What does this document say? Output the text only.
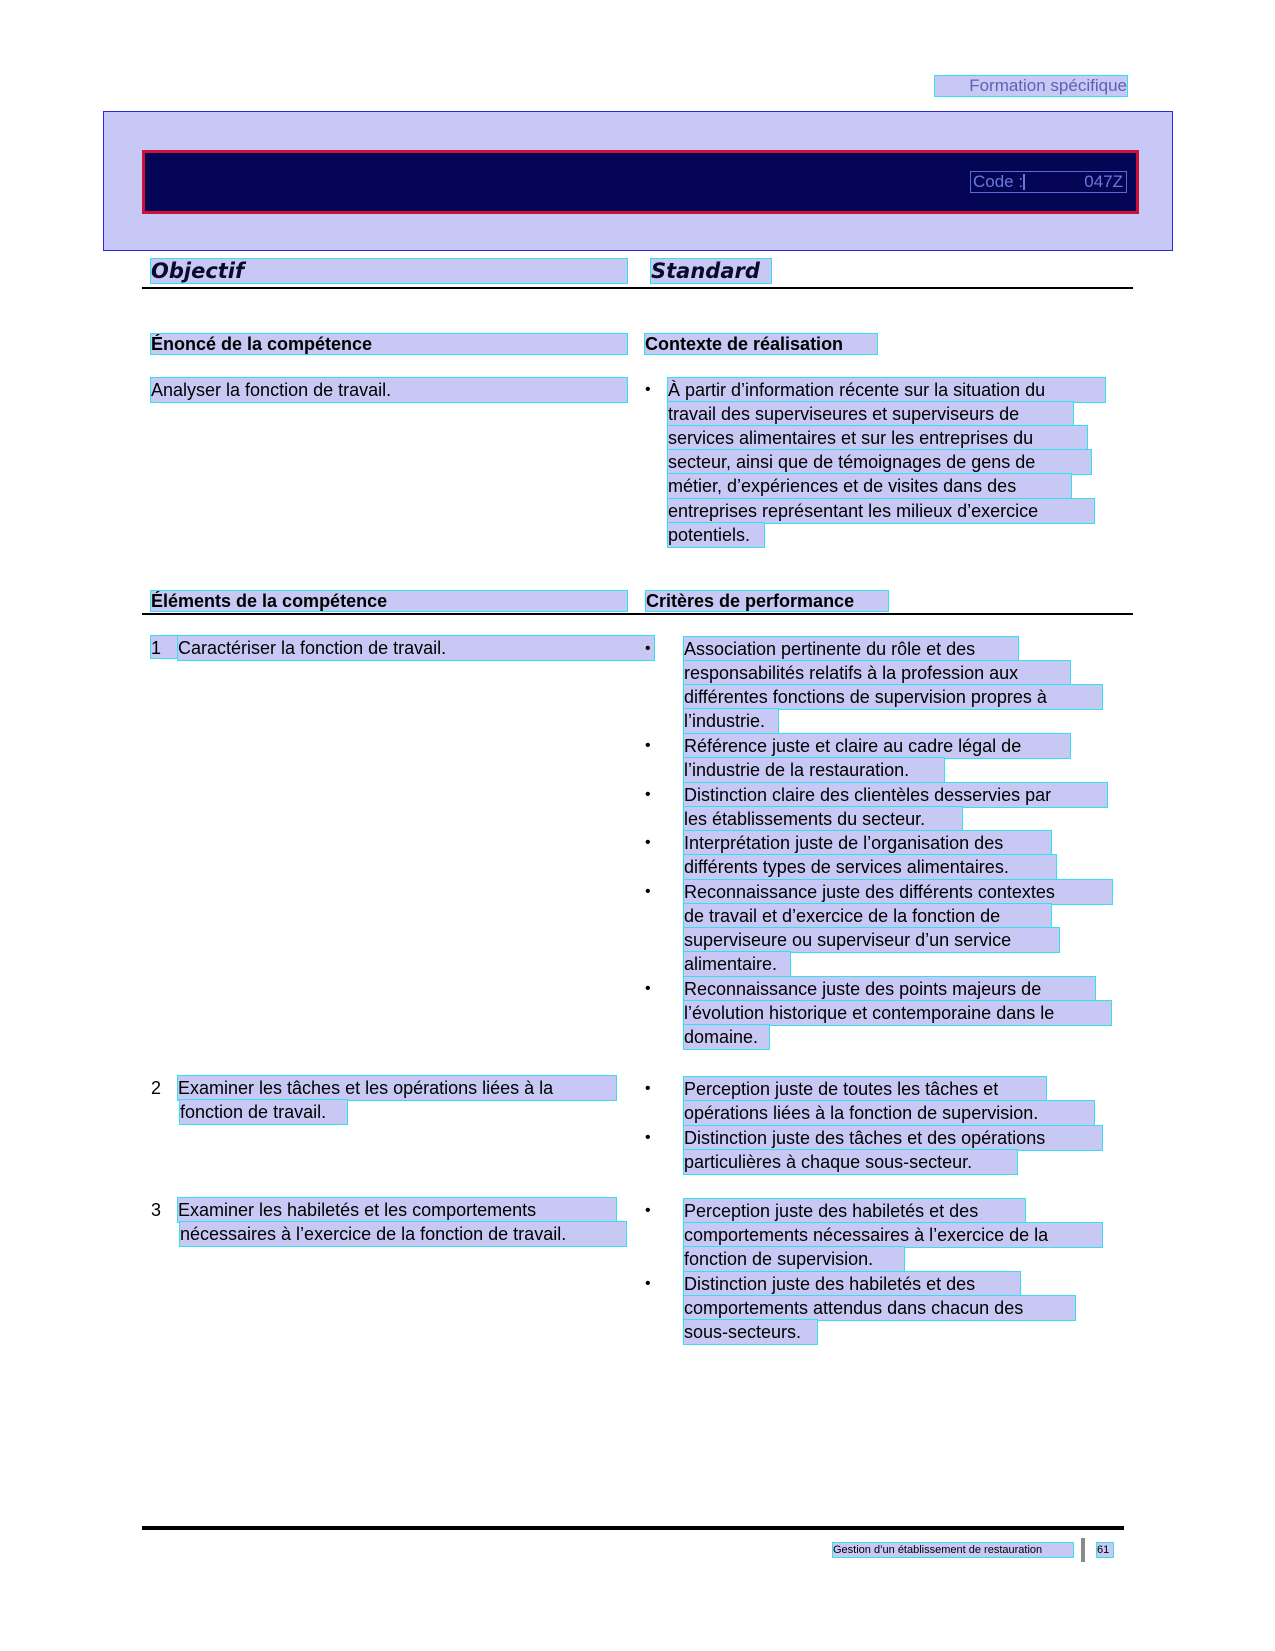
Formation spécifique
Code :	047Z
Objectif	Standard
Énoncé de la compétence	Contexte de réalisation
Analyser la fonction de travail.	• À partir d’information récente sur la situation du
travail des superviseures et superviseurs de
services alimentaires et sur les entreprises du
secteur, ainsi que de témoignages de gens de
métier, d’expériences et de visites dans des
entreprises représentant les milieux d’exercice
potentiels.
Éléments de la compétence	Critères de performance
1 Caractériser la fonction de travail.	• Association pertinente du rôle et des
responsabilités relatifs à la profession aux
différentes fonctions de supervision propres à
l’industrie.
• Référence juste et claire au cadre légal de
l’industrie de la restauration.
• Distinction claire des clientèles desservies par
les établissements du secteur.
• Interprétation juste de l’organisation des
différents types de services alimentaires.
• Reconnaissance juste des différents contextes
de travail et d’exercice de la fonction de
superviseure ou superviseur d’un service
alimentaire.
• Reconnaissance juste des points majeurs de
l’évolution historique et contemporaine dans le
domaine.
2 Examiner les tâches et les opérations liées à la
fonction de travail.
• Perception juste de toutes les tâches et
opérations liées à la fonction de supervision.
• Distinction juste des tâches et des opérations
particulières à chaque sous-secteur.
3 Examiner les habiletés et les comportements
nécessaires à l’exercice de la fonction de travail.
• Perception juste des habiletés et des
comportements nécessaires à l’exercice de la
fonction de supervision.
• Distinction juste des habiletés et des
comportements attendus dans chacun des
sous-secteurs.
Gestion d’un établissement de restauration	61
